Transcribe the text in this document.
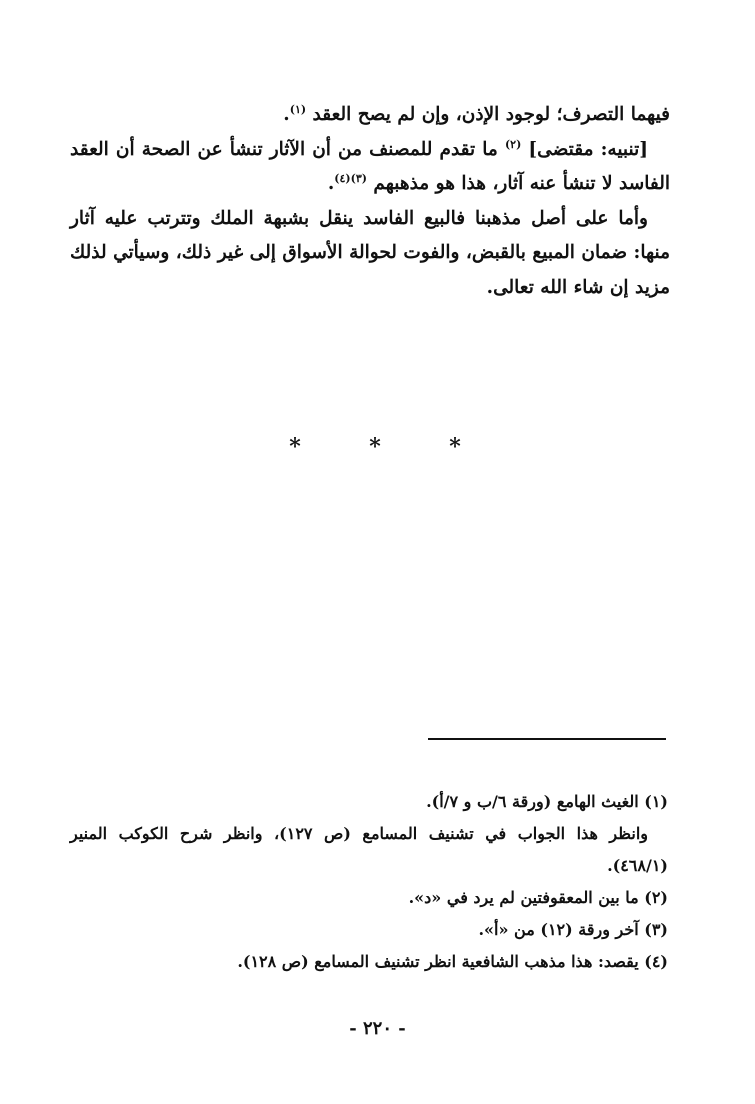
فيهما التصرف؛ لوجود الإذن، وإن لم يصح العقد $^{(١)}$.

[تنبيه: مقتضى] $^{(٢)}$ ما تقدم للمصنف من أن الآثار تنشأ عن الصحة أن العقد الفاسد لا تنشأ عنه آثار، هذا هو مذهبهم $^{(٣)(٤)}$.

وأما على أصل مذهبنا فالبيع الفاسد ينقل بشبهة الملك وتترتب عليه آثار منها: ضمان المبيع بالقبض، والفوت لحوالة الأسواق إلى غير ذلك، وسيأتي لذلك مزيد إن شاء الله تعالى.

*	*	*

(١) الغيث الهامع (ورقة ٦/ب و ٧/أ).

وانظر هذا الجواب في تشنيف المسامع (ص ١٢٧)، وانظر شرح الكوكب المنير (٤٦٨/١).

(٢) ما بين المعقوفتين لم يرد في «د».

(٣) آخر ورقة (١٢) من «أ».

(٤) يقصد: هذا مذهب الشافعية انظر تشنيف المسامع (ص ١٢٨).

- ٢٢٠ -
